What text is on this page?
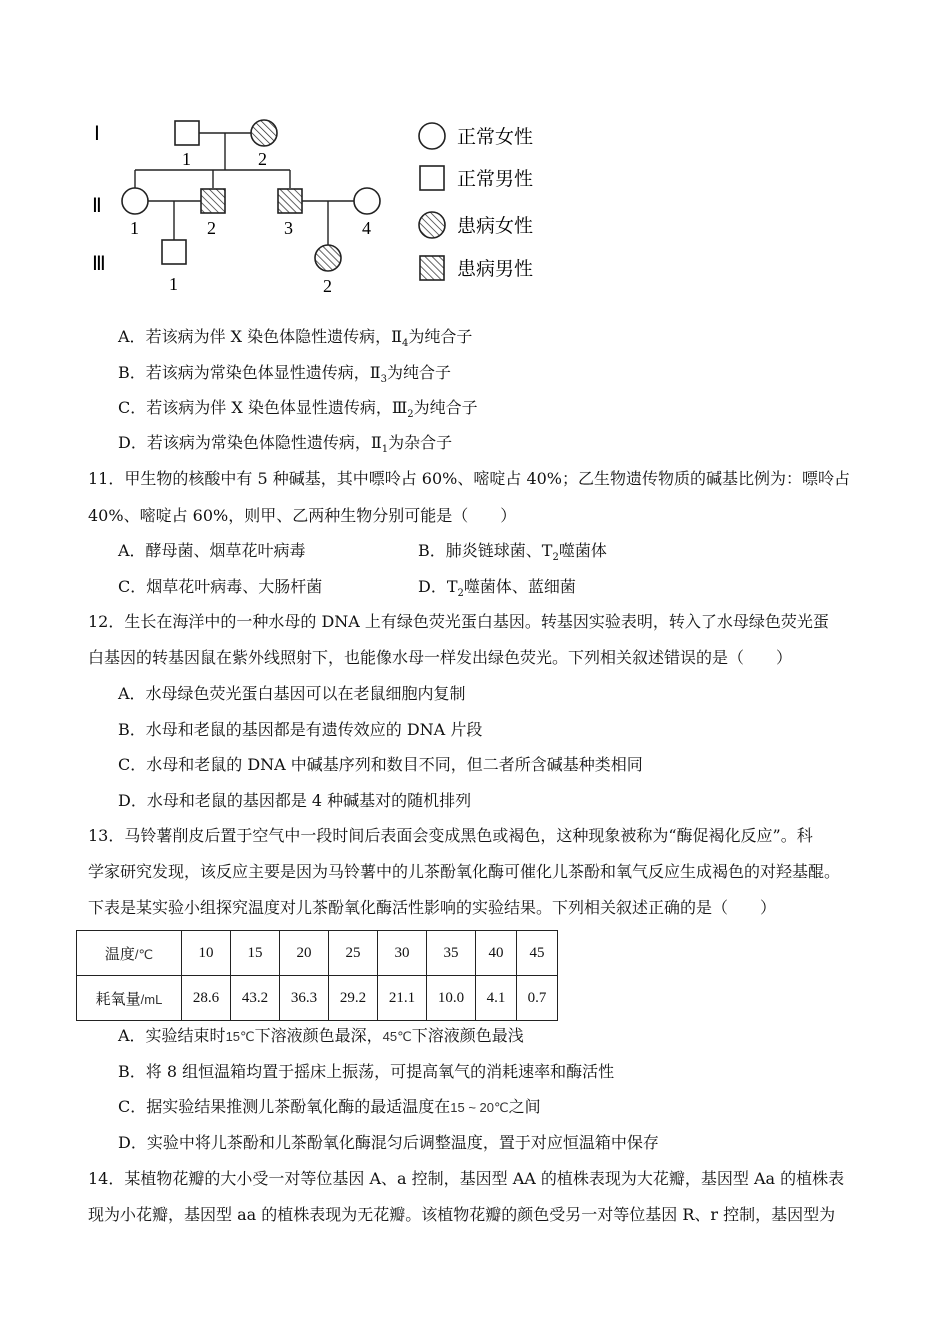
Ⅰ
Ⅱ
Ⅲ
1	2
1	2	3	4
1	2
正常女性
正常男性
患病女性
患病男性
A．若该病为伴 X 染色体隐性遗传病，$Ⅱ_4$为纯合子
B．若该病为常染色体显性遗传病，$Ⅱ_3$为纯合子
C．若该病为伴 X 染色体显性遗传病，$Ⅲ_2$为纯合子
D．若该病为常染色体隐性遗传病，$Ⅱ_1$为杂合子
11．甲生物的核酸中有 5 种碱基，其中嘌呤占 60%、嘧啶占 40%；乙生物遗传物质的碱基比例为：嘌呤占
40%、嘧啶占 60%，则甲、乙两种生物分别可能是（　　）
A．酵母菌、烟草花叶病毒	B．肺炎链球菌、$T_2$噬菌体
C．烟草花叶病毒、大肠杆菌	D．$T_2$噬菌体、蓝细菌
12．生长在海洋中的一种水母的 DNA 上有绿色荧光蛋白基因。转基因实验表明，转入了水母绿色荧光蛋
白基因的转基因鼠在紫外线照射下，也能像水母一样发出绿色荧光。下列相关叙述错误的是（　　）
A．水母绿色荧光蛋白基因可以在老鼠细胞内复制
B．水母和老鼠的基因都是有遗传效应的 DNA 片段
C．水母和老鼠的 DNA 中碱基序列和数目不同，但二者所含碱基种类相同
D．水母和老鼠的基因都是 4 种碱基对的随机排列
13．马铃薯削皮后置于空气中一段时间后表面会变成黑色或褐色，这种现象被称为“酶促褐化反应”。科
学家研究发现，该反应主要是因为马铃薯中的儿茶酚氧化酶可催化儿茶酚和氧气反应生成褐色的对羟基醌。
下表是某实验小组探究温度对儿茶酚氧化酶活性影响的实验结果。下列相关叙述正确的是（　　）
温度/℃	10	15	20	25	30	35	40	45
耗氧量/mL	28.6	43.2	36.3	29.2	21.1	10.0	4.1	0.7
A．实验结束时15℃下溶液颜色最深，45℃下溶液颜色最浅
B．将 8 组恒温箱均置于摇床上振荡，可提高氧气的消耗速率和酶活性
C．据实验结果推测儿茶酚氧化酶的最适温度在15 ~ 20℃之间
D．实验中将儿茶酚和儿茶酚氧化酶混匀后调整温度，置于对应恒温箱中保存
14．某植物花瓣的大小受一对等位基因 A、a 控制，基因型 AA 的植株表现为大花瓣，基因型 Aa 的植株表
现为小花瓣，基因型 aa 的植株表现为无花瓣。该植物花瓣的颜色受另一对等位基因 R、r 控制，基因型为
